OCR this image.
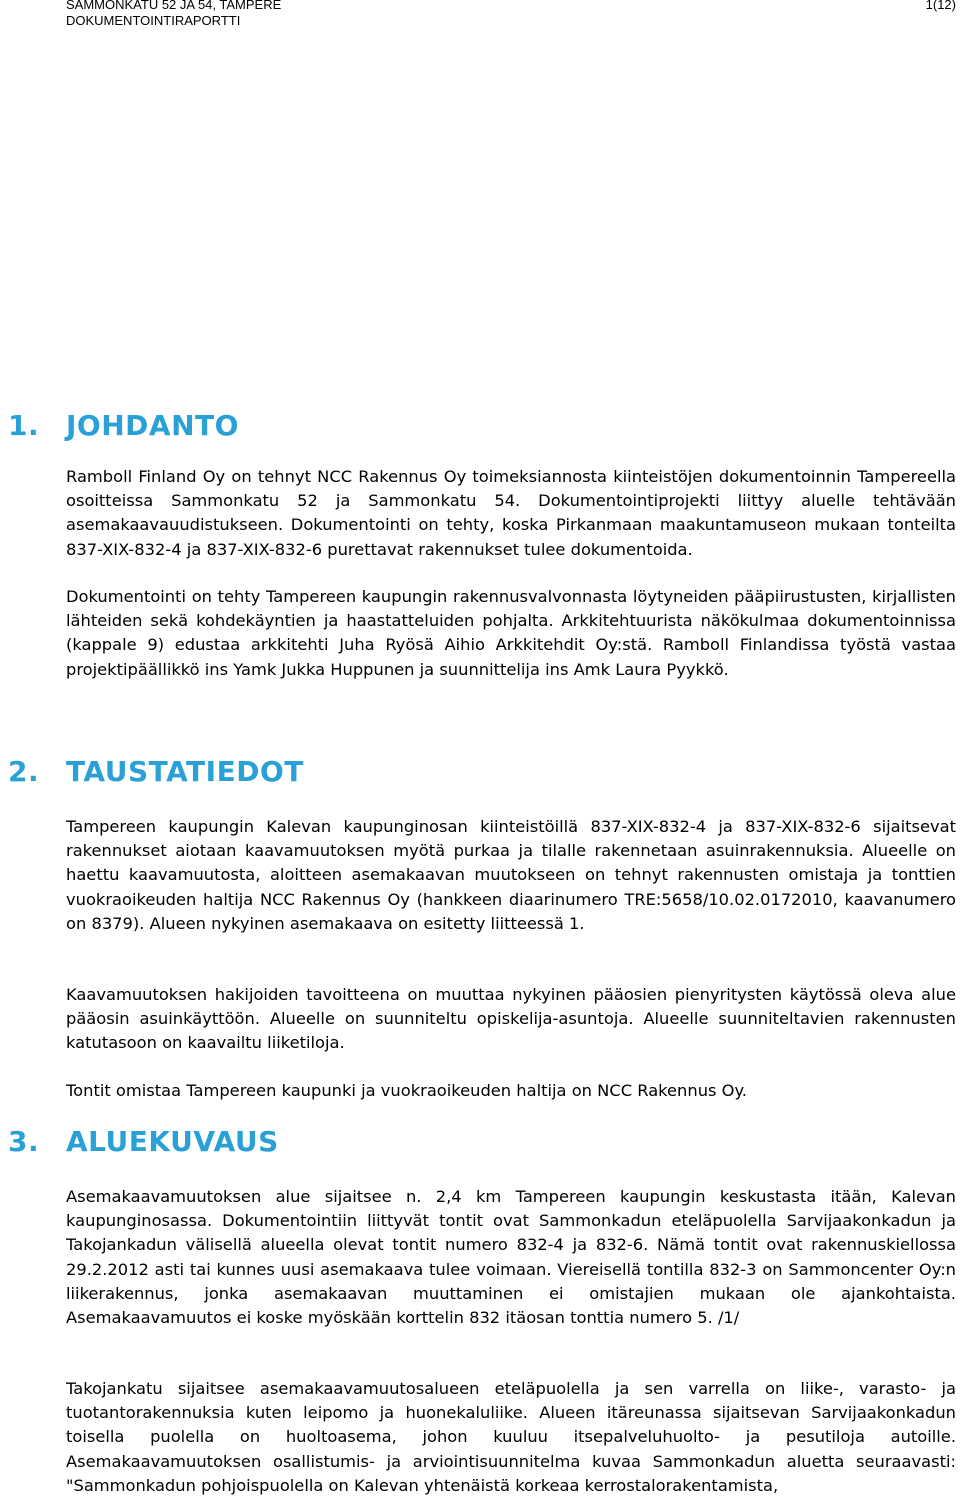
SAMMONKATU 52 JA 54, TAMPERE
DOKUMENTOINTIRAPORTTI
1(12)
1. JOHDANTO

Ramboll Finland Oy on tehnyt NCC Rakennus Oy toimeksiannosta kiinteistöjen dokumentoinnin Tampereella osoitteissa Sammonkatu 52 ja Sammonkatu 54. Dokumentointiprojekti liittyy aluelle tehtävään asemakaavauudistukseen. Dokumentointi on tehty, koska Pirkanmaan maakuntamuseon mukaan tonteilta 837-XIX-832-4 ja 837-XIX-832-6 purettavat rakennukset tulee dokumentoida.

Dokumentointi on tehty Tampereen kaupungin rakennusvalvonnasta löytyneiden pääpiirustusten, kirjallisten lähteiden sekä kohdekäyntien ja haastatteluiden pohjalta. Arkkitehtuurista näkökulmaa dokumentoinnissa (kappale 9) edustaa arkkitehti Juha Ryösä Aihio Arkkitehdit Oy:stä. Ramboll Finlandissa työstä vastaa projektipäällikkö ins Yamk Jukka Huppunen ja suunnittelija ins Amk Laura Pyykkö.

2. TAUSTATIEDOT

Tampereen kaupungin Kalevan kaupunginosan kiinteistöillä 837-XIX-832-4 ja 837-XIX-832-6 sijaitsevat rakennukset aiotaan kaavamuutoksen myötä purkaa ja tilalle rakennetaan asuinrakennuksia. Alueelle on haettu kaavamuutosta, aloitteen asemakaavan muutokseen on tehnyt rakennusten omistaja ja tonttien vuokraoikeuden haltija NCC Rakennus Oy (hankkeen diaarinumero TRE:5658/10.02.0172010, kaavanumero on 8379). Alueen nykyinen asemakaava on esitetty liitteessä 1.

Kaavamuutoksen hakijoiden tavoitteena on muuttaa nykyinen pääosien pienyritysten käytössä oleva alue pääosin asuinkäyttöön. Alueelle on suunniteltu opiskelija-asuntoja. Alueelle suunniteltavien rakennusten katutasoon on kaavailtu liiketiloja.

Tontit omistaa Tampereen kaupunki ja vuokraoikeuden haltija on NCC Rakennus Oy.

3. ALUEKUVAUS

Asemakaavamuutoksen alue sijaitsee n. 2,4 km Tampereen kaupungin keskustasta itään, Kalevan kaupunginosassa. Dokumentointiin liittyvät tontit ovat Sammonkadun eteläpuolella Sarvijaakonkadun ja Takojankadun välisellä alueella olevat tontit numero 832-4 ja 832-6. Nämä tontit ovat rakennuskiellossa 29.2.2012 asti tai kunnes uusi asemakaava tulee voimaan. Viereisellä tontilla 832-3 on Sammoncenter Oy:n liikerakennus, jonka asemakaavan muuttaminen ei omistajien mukaan ole ajankohtaista. Asemakaavamuutos ei koske myöskään korttelin 832 itäosan tonttia numero 5. /1/

Takojankatu sijaitsee asemakaavamuutosalueen eteläpuolella ja sen varrella on liike-, varasto- ja tuotantorakennuksia kuten leipomo ja huonekaluliike. Alueen itäreunassa sijaitsevan Sarvijaakonkadun toisella puolella on huoltoasema, johon kuuluu itsepalveluhuolto- ja pesutiloja autoille. Asemakaavamuutoksen osallistumis- ja arviointisuunnitelma kuvaa Sammonkadun aluetta seuraavasti: "Sammonkadun pohjoispuolella on Kalevan yhtenäistä korkeaa kerrostalorakentamista,
